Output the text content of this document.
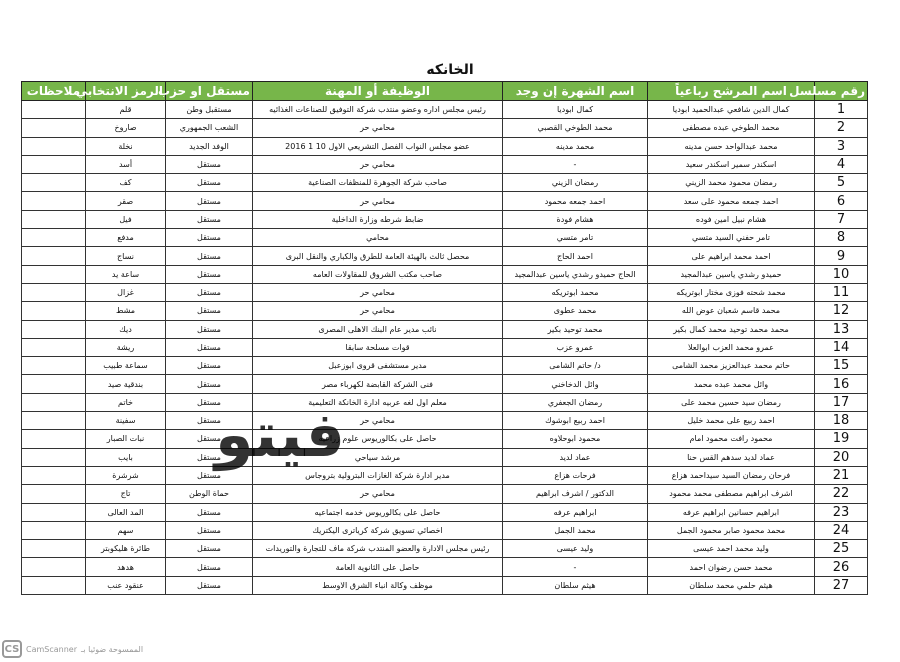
الخانكه
رقم مسلسل	اسم المرشح رباعياً	اسم الشهرة إن وجد	الوظيفة أو المهنة	مستقل او حزب	الرمز الانتخابي	ملاحظات
1	كمال الدين شافعي عبدالحميد ابوديا	كمال ابوديا	رئيس مجلس اداره وعضو منتدب شركة التوفيق للصناعات الغذائيه	مستقبل وطن	قلم	
2	محمد الطوخي عبده مصطفى	محمد الطوخي القصبي	محامي حر	الشعب الجمهوري	صاروخ	
3	محمد عبدالواحد حسن مدينه	محمد مدينه	عضو مجلس النواب الفصل التشريعي الاول 10 1 2016	الوفد الجديد	نخلة	
4	اسكندر سمير اسكندر سعيد	-	محامي حر	مستقل	أسد	
5	رمضان محمود محمد الزيني	رمضان الزيني	صاحب شركة الجوهرة للمنظفات الصناعية	مستقل	كف	
6	احمد جمعه محمود على سعد	احمد جمعه محمود	محامي حر	مستقل	صقر	
7	هشام نبيل امين فوده	هشام فودة	ضابط شرطه وزارة الداخلية	مستقل	فيل	
8	تامر حفني السيد متسي	تامر متسي	محامي	مستقل	مدفع	
9	احمد محمد ابراهيم على	احمد الحاج	محصل ثالث بالهيئة العامة للطرق والكباري والنقل البرى	مستقل	نساج	
10	حميدو رشدي ياسين عبدالمجيد	الحاج حميدو رشدي ياسين عبدالمجيد	صاحب مكتب الشروق للمقاولات العامه	مستقل	ساعة يد	
11	محمد شحته فوزى مختار ابوتريكه	محمد ابوتريكه	محامي حر	مستقل	غزال	
12	محمد قاسم شعبان عوض الله	محمد عطوى	محامي حر	مستقل	مشط	
13	محمد محمد توحيد محمد كمال بكير	محمد توحيد بكير	نائب مدير عام البنك الاهلى المصرى	مستقل	ديك	
14	عمرو محمد العزب ابوالعلا	عمرو عزب	قوات مسلحة سابقا	مستقل	ريشة	
15	حاتم محمد عبدالعزيز محمد الشامى	د/ حاتم الشامى	مدير مستشفى قروى ابوزعبل	مستقل	سماعة طبيب	
16	وائل محمد عبده محمد	وائل الدخاخني	فنى الشركة القابضة لكهرباء مصر	مستقل	بندقية صيد	
17	رمضان سيد حسين محمد على	رمضان الجعفري	معلم اول لغه عربيه ادارة الخانكة التعليمية	مستقل	خاتم	
18	احمد ربيع على محمد خليل	احمد ربيع ابوشوك	محامي حر	مستقل	سفينة	
19	محمود رافت محمود امام	محمود ابوحلاوه	حاصل على بكالوريوس علوم زراعيه	مستقل	نبات الصبار	
20	عماد لديد سدهم القس حنا	عماد لديد	مرشد سياحي	مستقل	بايب	
21	فرحان رمضان السيد سيداحمد هزاع	فرحات هزاع	مدير ادارة شركة الغازات البترولية بتروجاس	مستقل	شرشرة	
22	اشرف ابراهيم مصطفى محمد محمود	الدكتور / اشرف ابراهيم	محامي حر	حماة الوطن	تاج	
23	ابراهيم حسانين ابراهيم عرفه	ابراهيم عرفه	حاصل على بكالوريوس خدمه اجتماعيه	مستقل	المد العالى	
24	محمد محمود صابر محمود الجمل	محمد الجمل	اخصائي تسويق شركة كرياترى اليكتريك	مستقل	سهم	
25	وليد محمد احمد عيسى	وليد عيسى	رئيس مجلس الادارة والعضو المنتدب شركة ماف للتجارة والتوريدات	مستقل	طائرة هليكوبتر	
26	محمد حسن رضوان احمد	-	حاصل على الثانوية العامة	مستقل	هدهد	
27	هيثم حلمي محمد سلطان	هيثم سلطان	موظف وكالة انباء الشرق الاوسط	مستقل	عنقود عنب	
فيتو
CS CamScanner الممسوحة ضوئيا بـ
